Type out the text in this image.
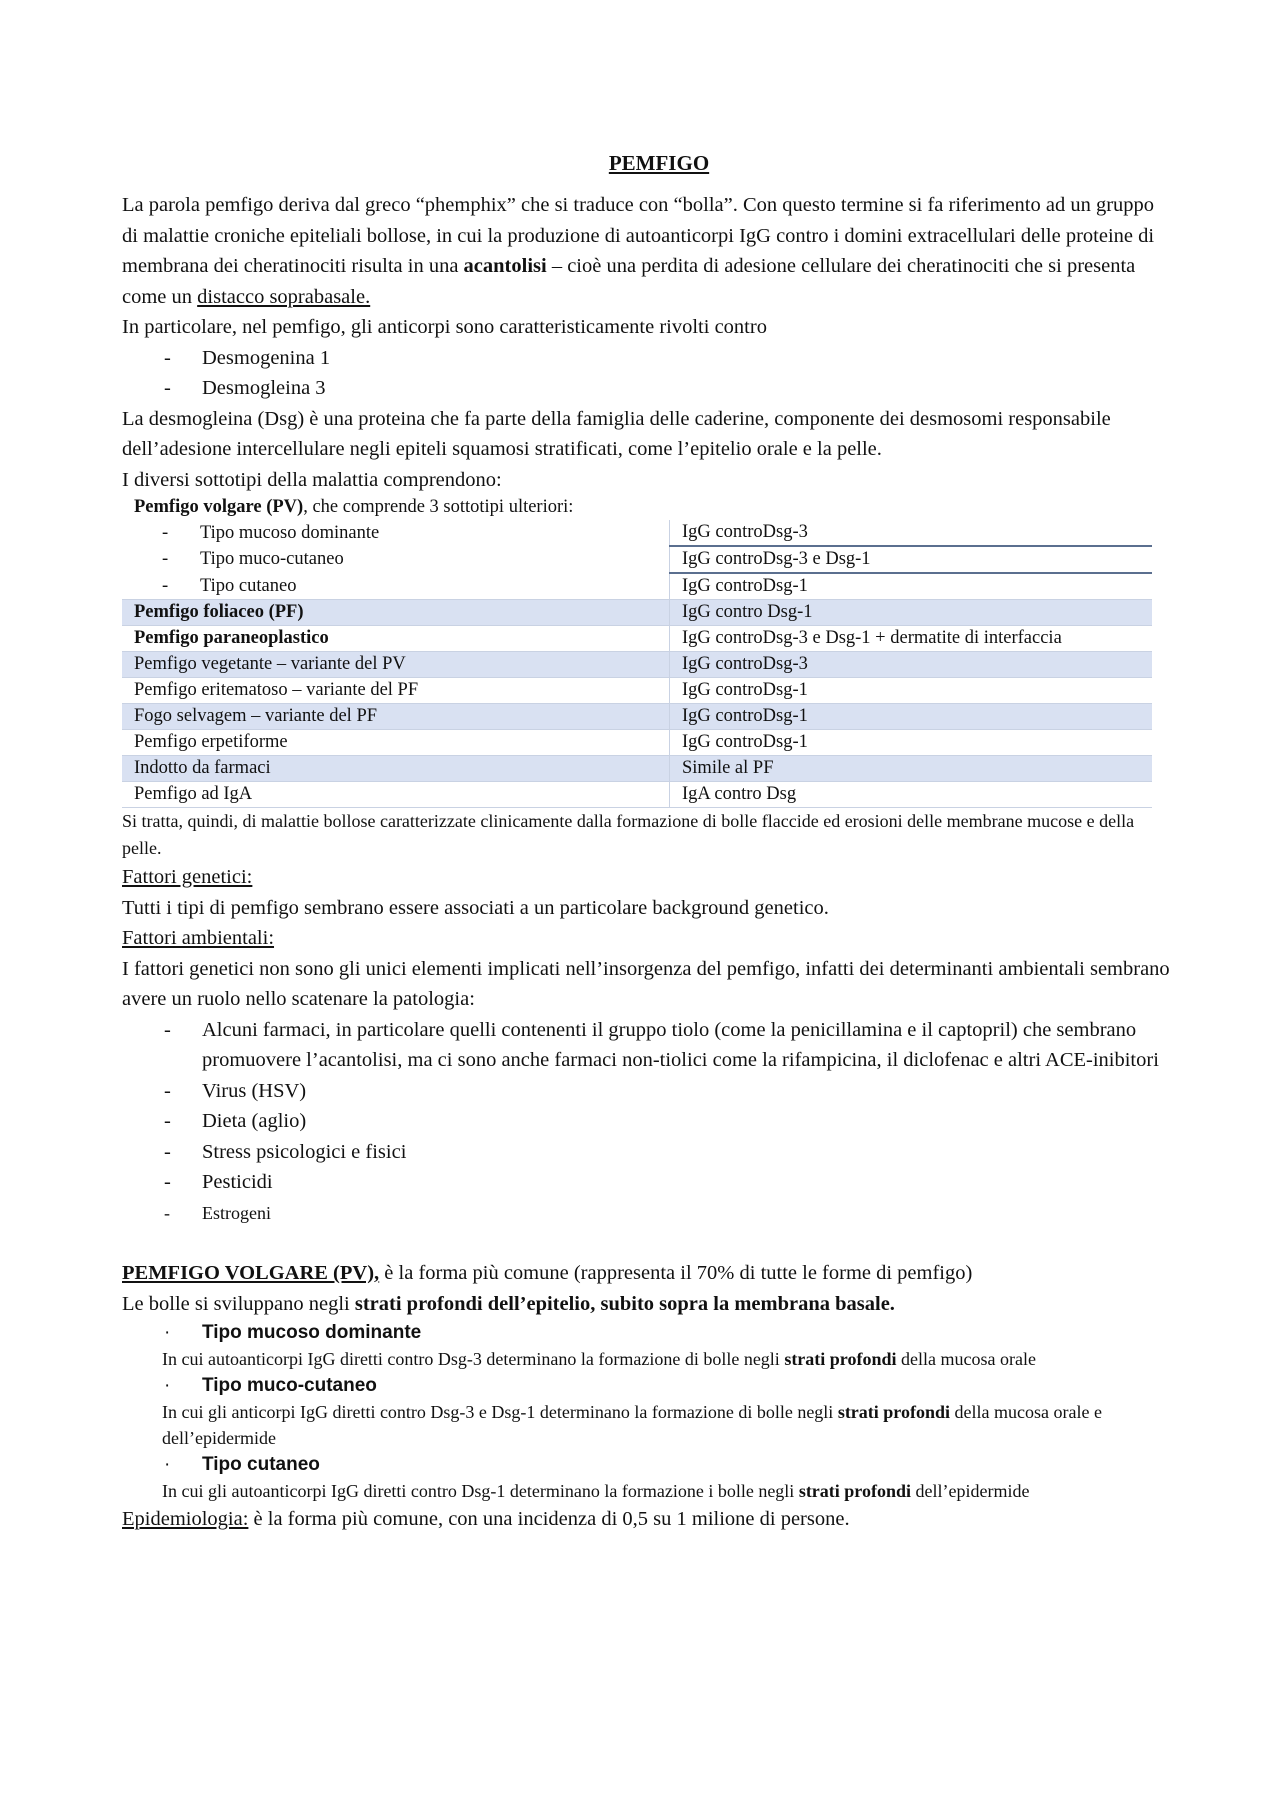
PEMFIGO

La parola pemfigo deriva dal greco “phemphix” che si traduce con “bolla”. Con questo termine si fa riferimento ad un gruppo di malattie croniche epiteliali bollose, in cui la produzione di autoanticorpi IgG contro i domini extracellulari delle proteine di membrana dei cheratinociti risulta in una acantolisi – cioè una perdita di adesione cellulare dei cheratinociti che si presenta come un distacco soprabasale.

In particolare, nel pemfigo, gli anticorpi sono caratteristicamente rivolti contro

- Desmogenina 1
- Desmogleina 3

La desmogleina (Dsg) è una proteina che fa parte della famiglia delle caderine, componente dei desmosomi responsabile dell’adesione intercellulare negli epiteli squamosi stratificati, come l’epitelio orale e la pelle.

I diversi sottotipi della malattia comprendono:

Pemfigo volgare (PV), che comprende 3 sottotipi ulteriori:
- Tipo mucoso dominante	IgG controDsg-3
- Tipo muco-cutaneo	IgG controDsg-3 e Dsg-1
- Tipo cutaneo	IgG controDsg-1
Pemfigo foliaceo (PF)	IgG contro Dsg-1
Pemfigo paraneoplastico	IgG controDsg-3 e Dsg-1 + dermatite di interfaccia
Pemfigo vegetante – variante del PV	IgG controDsg-3
Pemfigo eritematoso – variante del PF	IgG controDsg-1
Fogo selvagem – variante del PF	IgG controDsg-1
Pemfigo erpetiforme	IgG controDsg-1
Indotto da farmaci	Simile al PF
Pemfigo ad IgA	IgA contro Dsg

Si tratta, quindi, di malattie bollose caratterizzate clinicamente dalla formazione di bolle flaccide ed erosioni delle membrane mucose e della pelle.

Fattori genetici:

Tutti i tipi di pemfigo sembrano essere associati a un particolare background genetico.

Fattori ambientali:

I fattori genetici non sono gli unici elementi implicati nell’insorgenza del pemfigo, infatti dei determinanti ambientali sembrano avere un ruolo nello scatenare la patologia:

- Alcuni farmaci, in particolare quelli contenenti il gruppo tiolo (come la penicillamina e il captopril) che sembrano promuovere l’acantolisi, ma ci sono anche farmaci non-tiolici come la rifampicina, il diclofenac e altri ACE-inibitori
- Virus (HSV)
- Dieta (aglio)
- Stress psicologici e fisici
- Pesticidi
- Estrogeni

PEMFIGO VOLGARE (PV), è la forma più comune (rappresenta il 70% di tutte le forme di pemfigo)

Le bolle si sviluppano negli strati profondi dell’epitelio, subito sopra la membrana basale.

· Tipo mucoso dominante
In cui autoanticorpi IgG diretti contro Dsg-3 determinano la formazione di bolle negli strati profondi della mucosa orale
· Tipo muco-cutaneo
In cui gli anticorpi IgG diretti contro Dsg-3 e Dsg-1 determinano la formazione di bolle negli strati profondi della mucosa orale e dell’epidermide
· Tipo cutaneo
In cui gli autoanticorpi IgG diretti contro Dsg-1 determinano la formazione i bolle negli strati profondi dell’epidermide

Epidemiologia: è la forma più comune, con una incidenza di 0,5 su 1 milione di persone.
